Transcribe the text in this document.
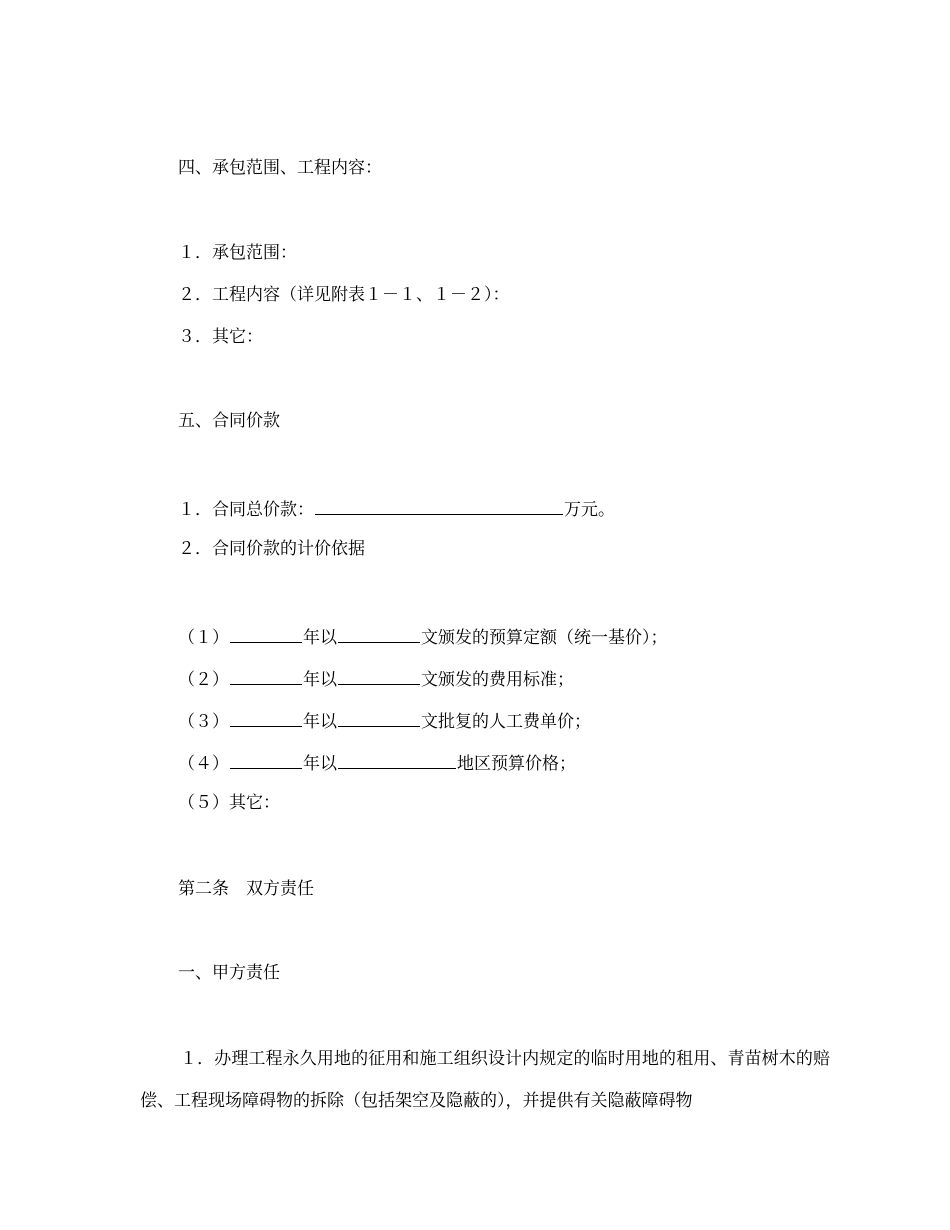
四、承包范围、工程内容：
１．承包范围：
２．工程内容（详见附表１－１、１－２）：
３．其它：
五、合同价款
１．合同总价款：	万元。
２．合同价款的计价依据
（１）	年以	文颁发的预算定额（统一基价）；
（２）	年以	文颁发的费用标准；
（３）	年以	文批复的人工费单价；
（４）	年以	地区预算价格；
（５）其它：
第二条　双方责任
一、甲方责任
１．办理工程永久用地的征用和施工组织设计内规定的临时用地的租用、青苗树木的赔偿、工程现场障碍物的拆除（包括架空及隐蔽的），并提供有关隐蔽障碍物
